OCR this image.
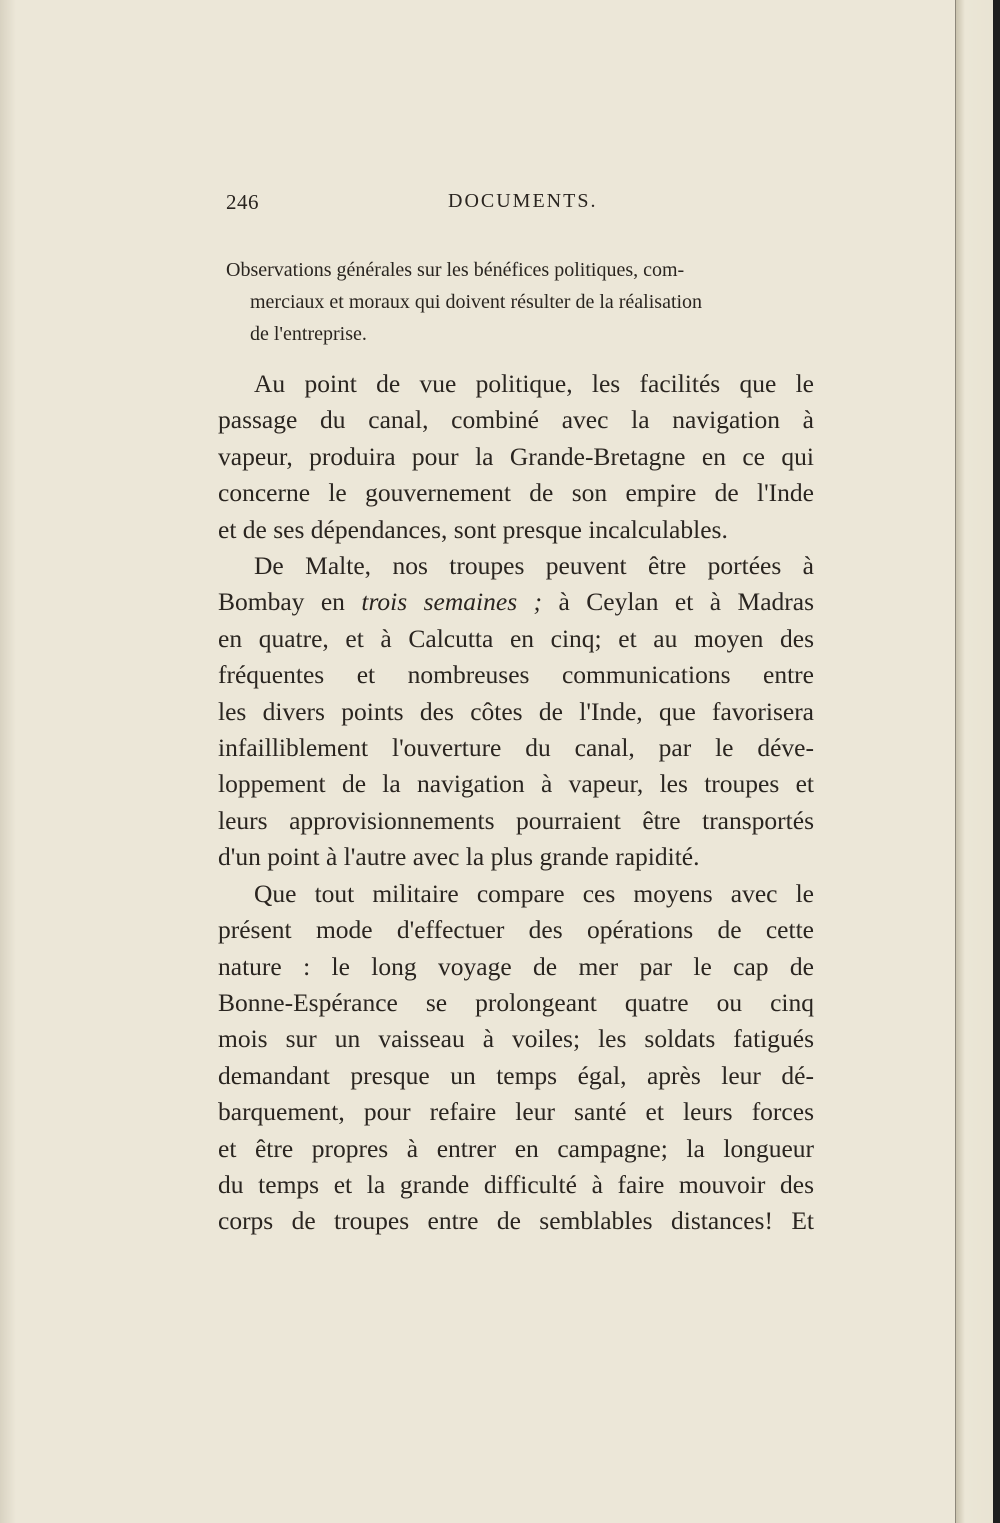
246	DOCUMENTS.
Observations générales sur les bénéfices politiques, com-
merciaux et moraux qui doivent résulter de la réalisation
de l'entreprise.
Au point de vue politique, les facilités que le
passage du canal, combiné avec la navigation à
vapeur, produira pour la Grande-Bretagne en ce qui
concerne le gouvernement de son empire de l'Inde
et de ses dépendances, sont presque incalculables.
De Malte, nos troupes peuvent être portées à
Bombay en trois semaines ; à Ceylan et à Madras
en quatre, et à Calcutta en cinq; et au moyen des
fréquentes et nombreuses communications entre
les divers points des côtes de l'Inde, que favorisera
infailliblement l'ouverture du canal, par le déve-
loppement de la navigation à vapeur, les troupes et
leurs approvisionnements pourraient être transportés
d'un point à l'autre avec la plus grande rapidité.
Que tout militaire compare ces moyens avec le
présent mode d'effectuer des opérations de cette
nature : le long voyage de mer par le cap de
Bonne-Espérance se prolongeant quatre ou cinq
mois sur un vaisseau à voiles; les soldats fatigués
demandant presque un temps égal, après leur dé-
barquement, pour refaire leur santé et leurs forces
et être propres à entrer en campagne; la longueur
du temps et la grande difficulté à faire mouvoir des
corps de troupes entre de semblables distances! Et
